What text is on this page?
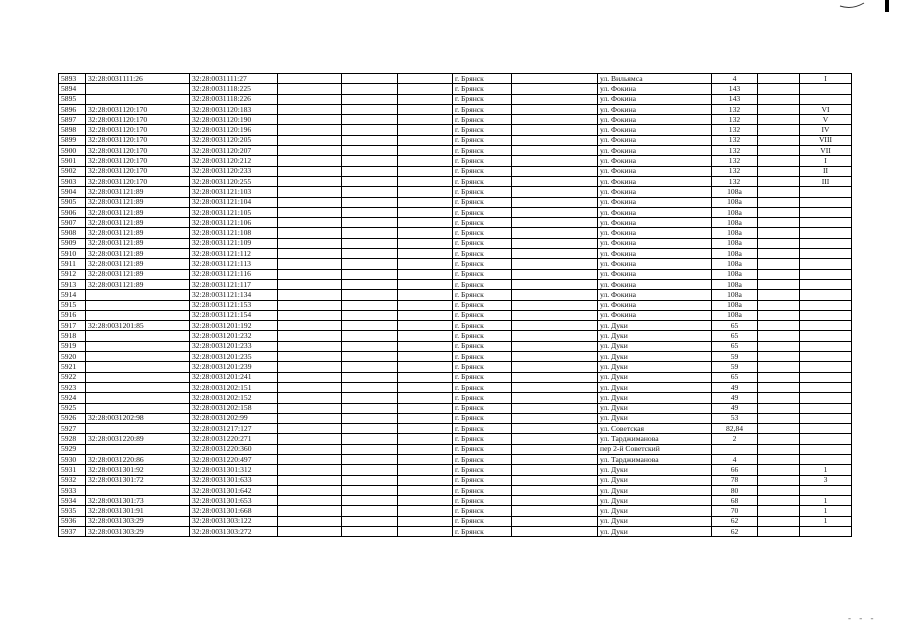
5893	32:28:0031111:26	32:28:0031111:27				г. Брянск		ул. Вильямса	4		I
5894		32:28:0031118:225				г. Брянск		ул. Фокина	143		
5895		32:28:0031118:226				г. Брянск		ул. Фокина	143		
5896	32:28:0031120:170	32:28:0031120:183				г. Брянск		ул. Фокина	132		VI
5897	32:28:0031120:170	32:28:0031120:190				г. Брянск		ул. Фокина	132		V
5898	32:28:0031120:170	32:28:0031120:196				г. Брянск		ул. Фокина	132		IV
5899	32:28:0031120:170	32:28:0031120:205				г. Брянск		ул. Фокина	132		VIII
5900	32:28:0031120:170	32:28:0031120:207				г. Брянск		ул. Фокина	132		VII
5901	32:28:0031120:170	32:28:0031120:212				г. Брянск		ул. Фокина	132		I
5902	32:28:0031120:170	32:28:0031120:233				г. Брянск		ул. Фокина	132		II
5903	32:28:0031120:170	32:28:0031120:255				г. Брянск		ул. Фокина	132		III
5904	32:28:0031121:89	32:28:0031121:103				г. Брянск		ул. Фокина	108а		
5905	32:28:0031121:89	32:28:0031121:104				г. Брянск		ул. Фокина	108а		
5906	32:28:0031121:89	32:28:0031121:105				г. Брянск		ул. Фокина	108а		
5907	32:28:0031121:89	32:28:0031121:106				г. Брянск		ул. Фокина	108а		
5908	32:28:0031121:89	32:28:0031121:108				г. Брянск		ул. Фокина	108а		
5909	32:28:0031121:89	32:28:0031121:109				г. Брянск		ул. Фокина	108а		
5910	32:28:0031121:89	32:28:0031121:112				г. Брянск		ул. Фокина	108а		
5911	32:28:0031121:89	32:28:0031121:113				г. Брянск		ул. Фокина	108а		
5912	32:28:0031121:89	32:28:0031121:116				г. Брянск		ул. Фокина	108а		
5913	32:28:0031121:89	32:28:0031121:117				г. Брянск		ул. Фокина	108а		
5914		32:28:0031121:134				г. Брянск		ул. Фокина	108а		
5915		32:28:0031121:153				г. Брянск		ул. Фокина	108а		
5916		32:28:0031121:154				г. Брянск		ул. Фокина	108а		
5917	32:28:0031201:85	32:28:0031201:192				г. Брянск		ул. Дуки	65		
5918		32:28:0031201:232				г. Брянск		ул. Дуки	65		
5919		32:28:0031201:233				г. Брянск		ул. Дуки	65		
5920		32:28:0031201:235				г. Брянск		ул. Дуки	59		
5921		32:28:0031201:239				г. Брянск		ул. Дуки	59		
5922		32:28:0031201:241				г. Брянск		ул. Дуки	65		
5923		32:28:0031202:151				г. Брянск		ул. Дуки	49		
5924		32:28:0031202:152				г. Брянск		ул. Дуки	49		
5925		32:28:0031202:158				г. Брянск		ул. Дуки	49		
5926	32:28:0031202:98	32:28:0031202:99				г. Брянск		ул. Дуки	53		
5927		32:28:0031217:127				г. Брянск		ул. Советская	82,84		
5928	32:28:0031220:89	32:28:0031220:271				г. Брянск		ул. Тарджиманова	2		
5929		32:28:0031220:360				г. Брянск		пер 2-й Советский			
5930	32:28:0031220:86	32:28:0031220:497				г. Брянск		ул. Тарджиманова	4		
5931	32:28:0031301:92	32:28:0031301:312				г. Брянск		ул. Дуки	66		1
5932	32:28:0031301:72	32:28:0031301:633				г. Брянск		ул. Дуки	78		3
5933		32:28:0031301:642				г. Брянск		ул. Дуки	80		
5934	32:28:0031301:73	32:28:0031301:653				г. Брянск		ул. Дуки	68		1
5935	32:28:0031301:91	32:28:0031301:668				г. Брянск		ул. Дуки	70		1
5936	32:28:0031303:29	32:28:0031303:122				г. Брянск		ул. Дуки	62		1
5937	32:28:0031303:29	32:28:0031303:272				г. Брянск		ул. Дуки	62		
- - -
